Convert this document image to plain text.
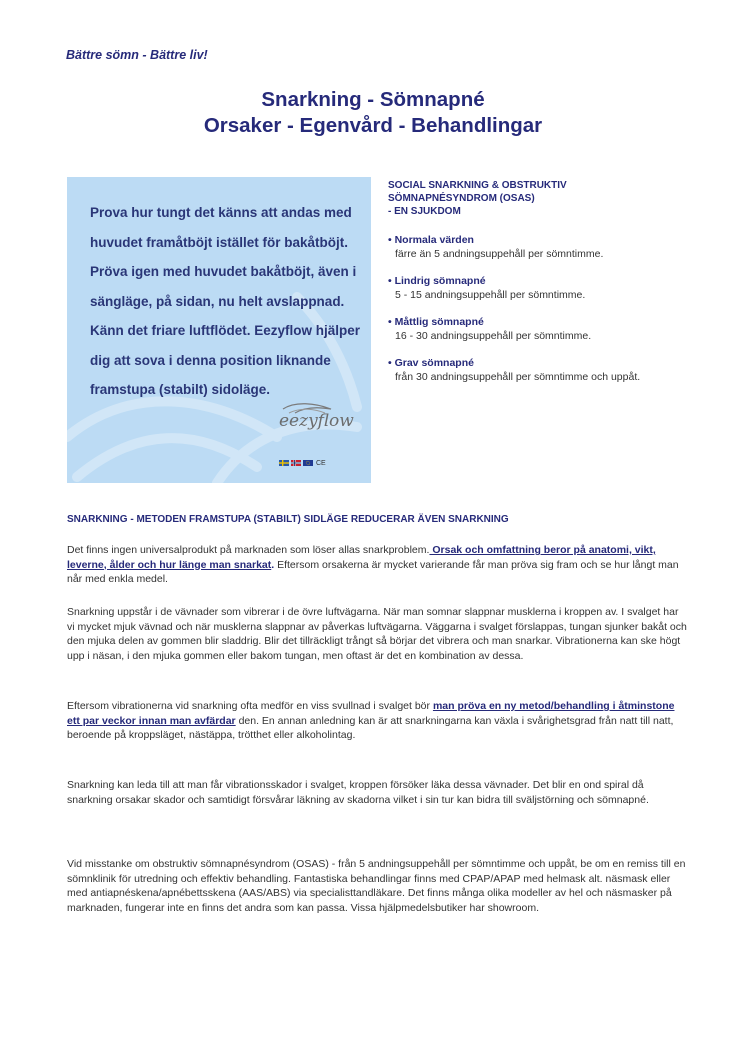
Bättre sömn - Bättre liv!
Snarkning - Sömnapné
Orsaker - Egenvård - Behandlingar
Prova hur tungt det känns att andas med huvudet framåtböjt istället för bakåtböjt. Pröva igen med huvudet bakåtböjt, även i sängläge, på sidan, nu helt avslappnad. Känn det friare luftflödet. Eezyflow hjälper dig att sova i denna position liknande framstupa (stabilt) sidoläge.
eezyflow
CE
SOCIAL SNARKNING & OBSTRUKTIV
SÖMNAPNÉSYNDROM (OSAS)
- EN SJUKDOM
• Normala värden
färre än 5 andningsuppehåll per sömntimme.
• Lindrig sömnapné
5 - 15 andningsuppehåll per sömntimme.
• Måttlig sömnapné
16 - 30 andningsuppehåll per sömntimme.
• Grav sömnapné
från 30 andningsuppehåll per sömntimme och uppåt.
SNARKNING - METODEN FRAMSTUPA (STABILT) SIDLÄGE REDUCERAR ÄVEN SNARKNING

Det finns ingen universalprodukt på marknaden som löser allas snarkproblem. Orsak och omfattning beror på anatomi, vikt, leverne, ålder och hur länge man snarkat. Eftersom orsakerna är mycket varierande får man pröva sig fram och se hur långt man når med enkla medel.

Snarkning uppstår i de vävnader som vibrerar i de övre luftvägarna. När man somnar slappnar musklerna i kroppen av. I svalget har vi mycket mjuk vävnad och när musklerna slappnar av påverkas luftvägarna. Väggarna i svalget förslappas, tungan sjunker bakåt och den mjuka delen av gommen blir sladdrig. Blir det tillräckligt trångt så börjar det vibrera och man snarkar. Vibrationerna kan ske högt upp i näsan, i den mjuka gommen eller bakom tungan, men oftast är det en kombination av dessa.

Eftersom vibrationerna vid snarkning ofta medför en viss svullnad i svalget bör man pröva en ny metod/behandling i åtminstone ett par veckor innan man avfärdar den. En annan anledning kan är att snarkningarna kan växla i svårighetsgrad från natt till natt, beroende på kroppsläget, nästäppa, trötthet eller alkoholintag.

Snarkning kan leda till att man får vibrationsskador i svalget, kroppen försöker läka dessa vävnader. Det blir en ond spiral då snarkning orsakar skador och samtidigt försvårar läkning av skadorna vilket i sin tur kan bidra till sväljstörning och sömnapné.

Vid misstanke om obstruktiv sömnapnésyndrom (OSAS) - från 5 andningsuppehåll per sömntimme och uppåt, be om en remiss till en sömnklinik för utredning och effektiv behandling. Fantastiska behandlingar finns med CPAP/APAP med helmask alt. näsmask eller med antiapnéskena/apnébettsskena (AAS/ABS) via specialisttandläkare. Det finns många olika modeller av hel och näsmasker på marknaden, fungerar inte en finns det andra som kan passa. Vissa hjälpmedelsbutiker har showroom.
